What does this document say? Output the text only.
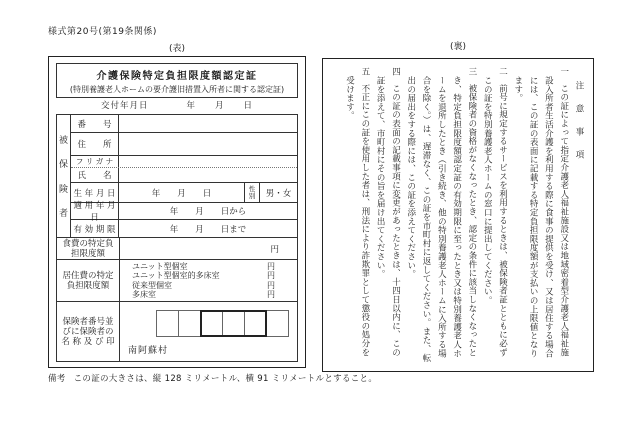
様式第20号(第19条関係)
(表)	(裏)
介護保険特定負担限度額認定証
(特別養護老人ホームの要介護旧措置入所者に関する認定証)
交付年月日　　　　年　　月　　日
被
保
険
者
番　　号
住　　所
フ リ ガ ナ
氏　　名
生 年 月 日	年　　月　　日	性
別	男・女
適 用 年 月 日
年　　月　　日から
有 効 期 限	年　　月　　日まで
食費の特定負
担限度額	円
居住費の特定
負担限度額
ユニット型個室	円
ユニット型個室的多床室	円
従来型個室	円
多床室	円
保険者番号並
びに保険者の
名 称 及 び 印
南阿蘇村
注　意　事　項
一この証によって指定介護老人福祉施設又は地域密着型介護老人福祉施設入所者生活介護を利用する際に食事の提供を受け、又は居住する場合には、この証の表面に記載する特定負担限度額が支払いの上限値となります。
二前号に規定するサービスを利用するときは、被保険者証とともに必ずこの証を特別養護老人ホームの窓口に提出してください。
三被保険者の資格がなくなったとき、認定の条件に該当しなくなったとき、特定負担限度額認定証の有効期限に至ったとき又は特別養護老人ホームを退所したとき（引き続き、他の特別養護老人ホームに入所する場合を除く。）は、遅滞なく、この証を市町村に返してください。また、転出の届出をする際には、この証を添えてください。
四この証の表面の記載事項に変更があったときは、十四日以内に、この証を添えて、市町村にその旨を届け出てください。
五不正にこの証を使用した者は、刑法により詐欺罪として懲役の処分を受けます。
備考 この証の大きさは、縦 128 ミリメートル、横 91 ミリメートルとすること。
